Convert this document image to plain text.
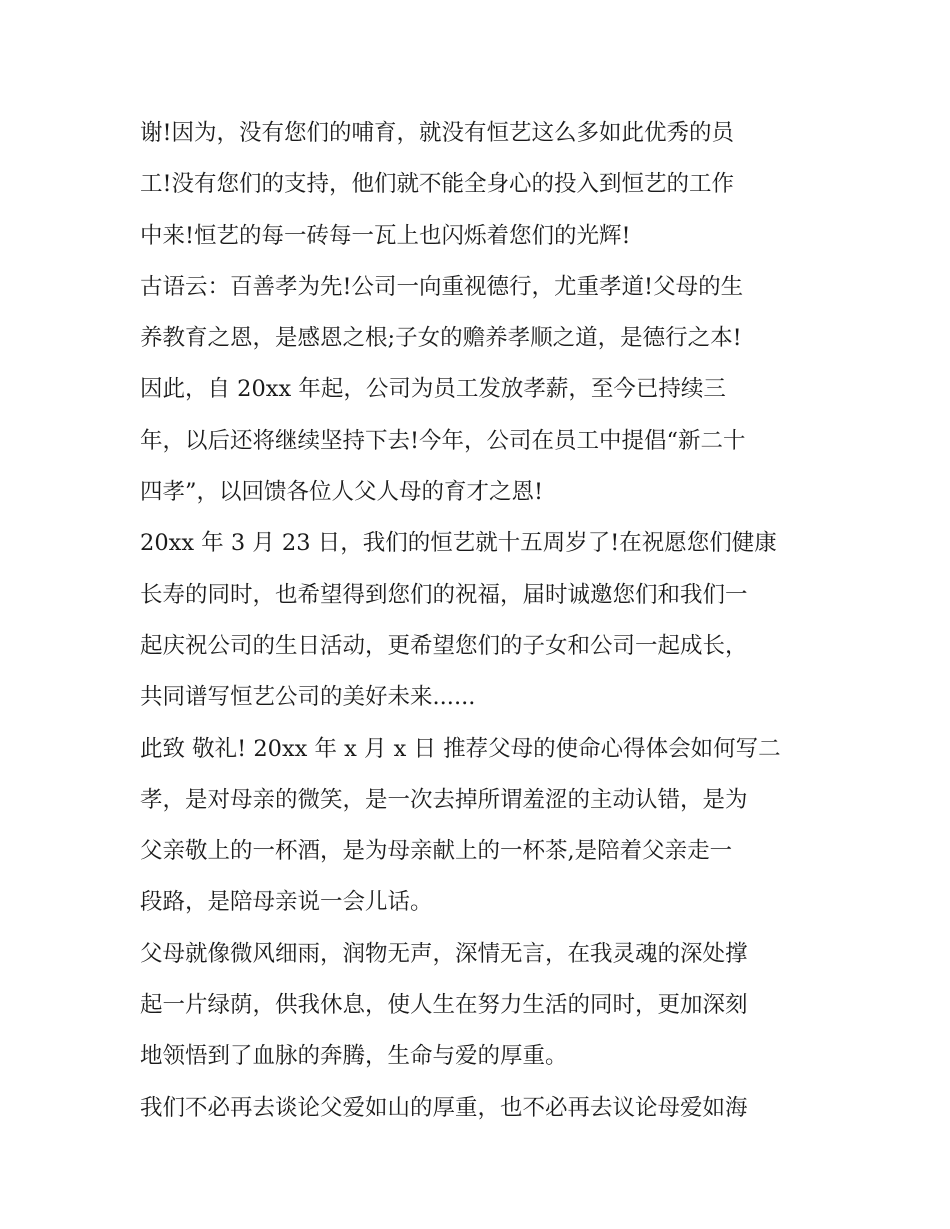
谢!因为，没有您们的哺育，就没有恒艺这么多如此优秀的员
工!没有您们的支持，他们就不能全身心的投入到恒艺的工作
中来!恒艺的每一砖每一瓦上也闪烁着您们的光辉!
古语云：百善孝为先!公司一向重视德行，尤重孝道!父母的生
养教育之恩，是感恩之根;子女的赡养孝顺之道，是德行之本!
因此，自 20xx 年起，公司为员工发放孝薪，至今已持续三
年，以后还将继续坚持下去!今年，公司在员工中提倡“新二十
四孝”，以回馈各位人父人母的育才之恩!
20xx 年 3 月 23 日，我们的恒艺就十五周岁了!在祝愿您们健康
长寿的同时，也希望得到您们的祝福，届时诚邀您们和我们一
起庆祝公司的生日活动，更希望您们的子女和公司一起成长，
共同谱写恒艺公司的美好未来......
此致 敬礼! 20xx 年 x 月 x 日 推荐父母的使命心得体会如何写二
孝，是对母亲的微笑，是一次去掉所谓羞涩的主动认错，是为
父亲敬上的一杯酒，是为母亲献上的一杯茶,是陪着父亲走一
段路，是陪母亲说一会儿话。
父母就像微风细雨，润物无声，深情无言，在我灵魂的深处撑
起一片绿荫，供我休息，使人生在努力生活的同时，更加深刻
地领悟到了血脉的奔腾，生命与爱的厚重。
我们不必再去谈论父爱如山的厚重，也不必再去议论母爱如海
